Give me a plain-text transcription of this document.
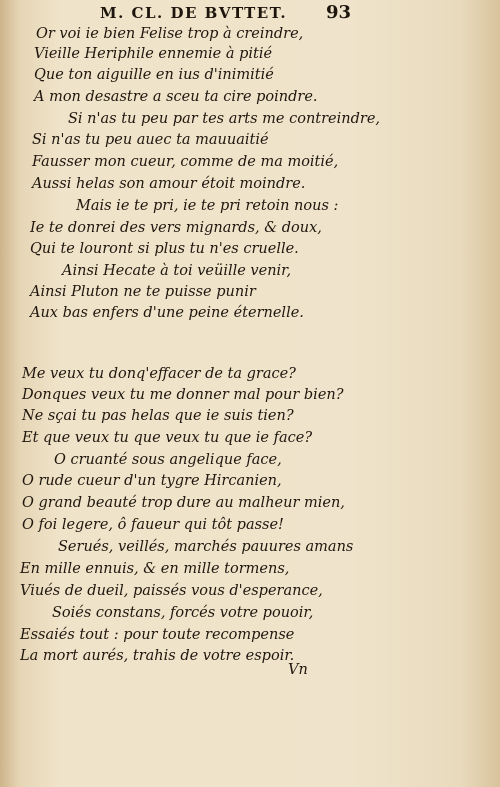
M. CL. DE BVTTET. 93
Or voi ie bien Felise trop à creindre,
Vieille Heriphile ennemie à pitié
Que ton aiguille en ius d'inimitié
A mon desastre a sceu ta cire poindre.
Si n'as tu peu par tes arts me contreindre,
Si n'as tu peu auec ta mauuaitié
Fausser mon cueur, comme de ma moitié,
Aussi helas son amour étoit moindre.
Mais ie te pri, ie te pri retoin nous :
Ie te donrei des vers mignards, & doux,
Qui te louront si plus tu n'es cruelle.
Ainsi Hecate à toi veüille venir,
Ainsi Pluton ne te puisse punir
Aux bas enfers d'une peine éternelle.
Me veux tu donq'effacer de ta grace?
Donques veux tu me donner mal pour bien?
Ne sçai tu pas helas que ie suis tien?
Et que veux tu que veux tu que ie face?
O cruanté sous angelique face,
O rude cueur d'un tygre Hircanien,
O grand beauté trop dure au malheur mien,
O foi legere, ô faueur qui tôt passe!
Serués, veillés, marchés pauures amans
En mille ennuis, & en mille tormens,
Viués de dueil, paissés vous d'esperance,
Soiés constans, forcés votre pouoir,
Essaiés tout : pour toute recompense
La mort aurés, trahis de votre espoir.
Vn
